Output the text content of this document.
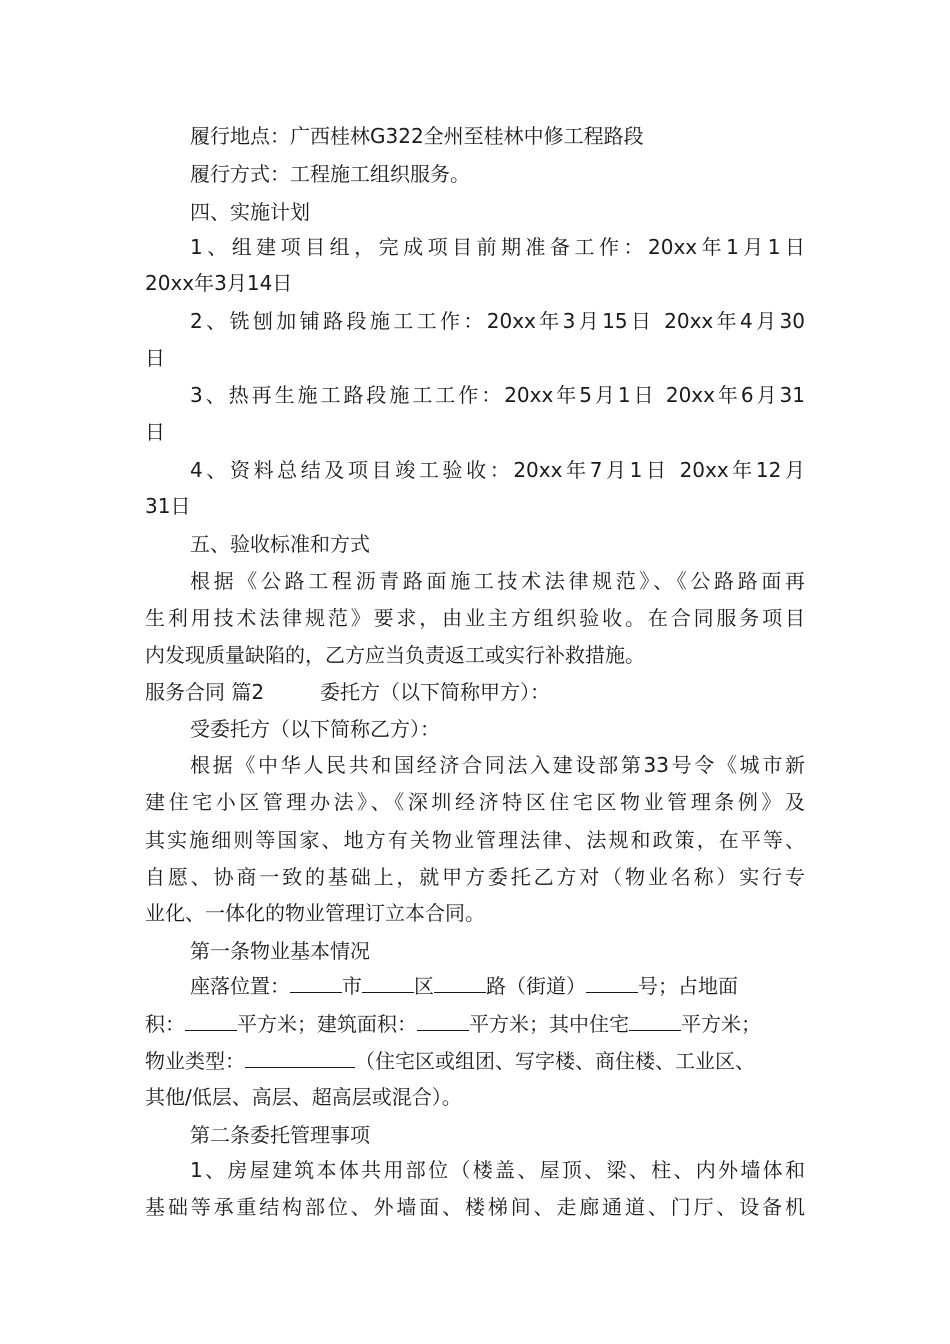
履行地点：广西桂林G322全州至桂林中修工程路段
履行方式：工程施工组织服务。
四、实施计划
1、组建项目组，完成项目前期准备工作：20xx年1月1日
20xx年3月14日
2、铣刨加铺路段施工工作：20xx年3月15日 20xx年4月30
日
3、热再生施工路段施工工作：20xx年5月1日 20xx年6月31
日
4、资料总结及项目竣工验收：20xx年7月1日 20xx年12月
31日
五、验收标准和方式
根据《公路工程沥青路面施工技术法律规范》、《公路路面再
生利用技术法律规范》要求，由业主方组织验收。在合同服务项目
内发现质量缺陷的，乙方应当负责返工或实行补救措施。
服务合同 篇2	委托方（以下简称甲方）：
受委托方（以下简称乙方）：
根据《中华人民共和国经济合同法入建设部第33号令《城市新
建住宅小区管理办法》、《深圳经济特区住宅区物业管理条例》及
其实施细则等国家、地方有关物业管理法律、法规和政策，在平等、
自愿、协商一致的基础上，就甲方委托乙方对（物业名称）实行专
业化、一体化的物业管理订立本合同。
第一条物业基本情况
座落位置：	市	区	路（街道）	号；占地面
积：	平方米；建筑面积：	平方米；其中住宅	平方米；
物业类型：	（住宅区或组团、写字楼、商住楼、工业区、
其他/低层、高层、超高层或混合）。
第二条委托管理事项
1、房屋建筑本体共用部位（楼盖、屋顶、梁、柱、内外墙体和
基础等承重结构部位、外墙面、楼梯间、走廊通道、门厅、设备机
